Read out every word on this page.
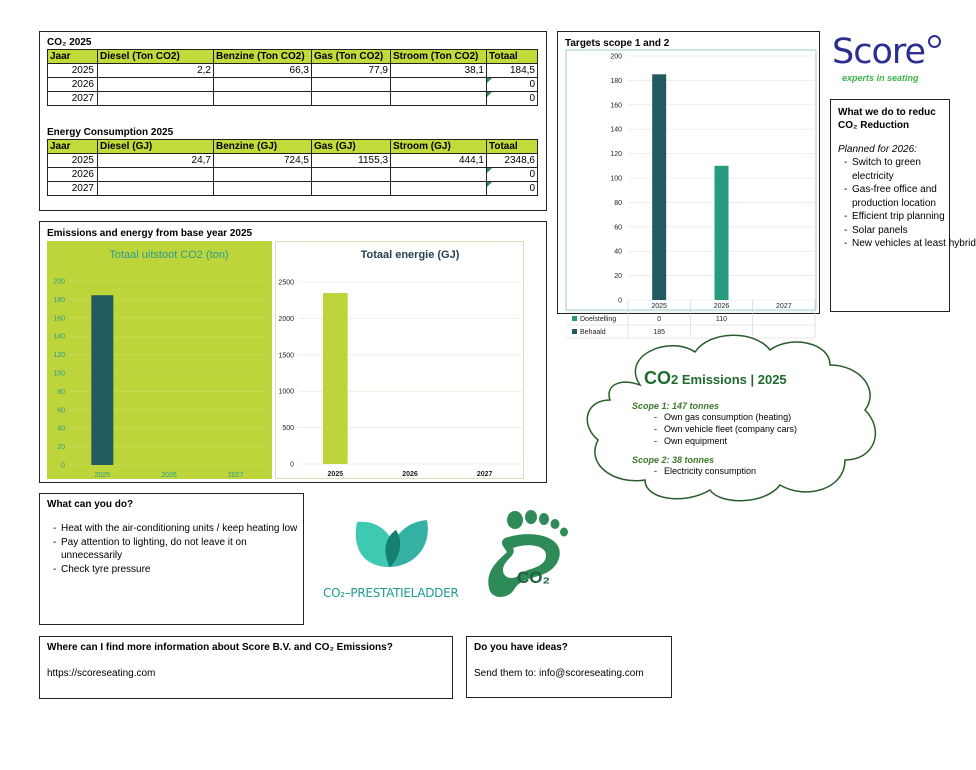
CO₂ 2025
Jaar	Diesel (Ton CO2)	Benzine (Ton CO2)	Gas (Ton CO2)	Stroom (Ton CO2)	Totaal
2025	2,2	66,3	77,9	38,1	184,5
2026					0
2027					0
Energy Consumption 2025
Jaar	Diesel (GJ)	Benzine (GJ)	Gas (GJ)	Stroom (GJ)	Totaal
2025	24,7	724,5	1155,3	444,1	2348,6
2026					0
2027					0
Emissions and energy from base year 2025
Totaal uitstoot CO2 (ton)
0
20
40
60
80
100
120
140
160
180
200
2025	2026	2027
Totaal energie (GJ)
0
500
1000
1500
2000
2500
2025	2026	2027
Targets scope 1 and 2
0
20
40
60
80
100
120
140
160
180
200
2025	2026	2027
Doelstelling	0	110
Behaald	185
Score
experts in seating
What we do to reduc
CO₂ Reduction
Planned for 2026:
- Switch to green electricity
- Gas-free office and production location
- Efficient trip planning
- Solar panels
- New vehicles at least hybrid
CO2 Emissions | 2025
Scope 1: 147 tonnes
- Own gas consumption (heating)
- Own vehicle fleet (company cars)
- Own equipment
Scope 2: 38 tonnes
- Electricity consumption
What can you do?
- Heat with the air-conditioning units / keep heating low
- Pay attention to lighting, do not leave it on unnecessarily
- Check tyre pressure
CO₂–PRESTATIELADDER
CO₂
Where can I find more information about Score B.V. and CO₂ Emissions?
https://scoreseating.com
Do you have ideas?
Send them to: info@scoreseating.com
